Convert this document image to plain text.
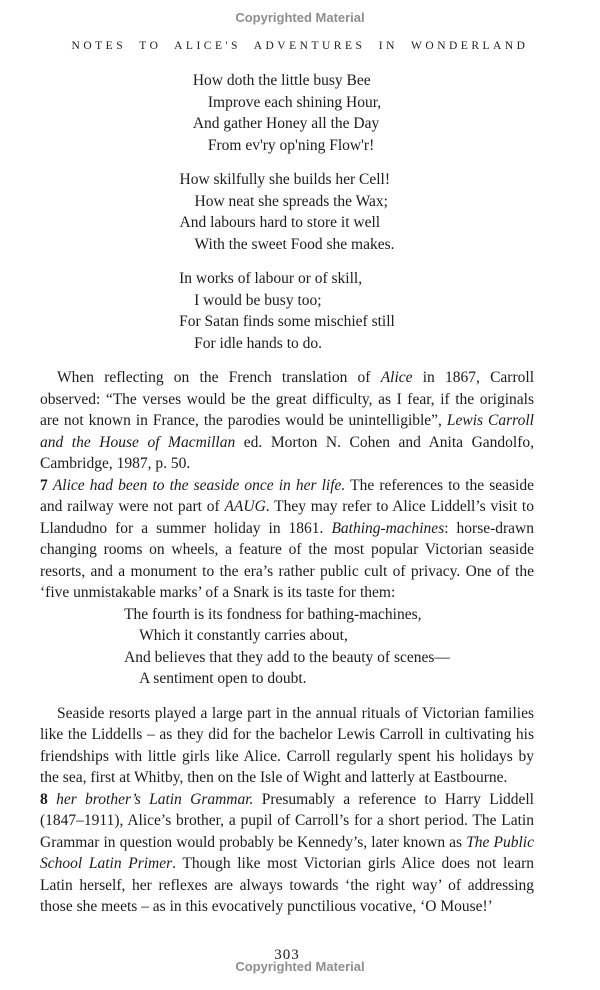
Copyrighted Material
NOTES TO ALICE'S ADVENTURES IN WONDERLAND
How doth the little busy Bee
Improve each shining Hour,
And gather Honey all the Day
From ev'ry op'ning Flow'r!
How skilfully she builds her Cell!
How neat she spreads the Wax;
And labours hard to store it well
With the sweet Food she makes.
In works of labour or of skill,
I would be busy too;
For Satan finds some mischief still
For idle hands to do.

When reflecting on the French translation of Alice in 1867, Carroll observed: “The verses would be the great difficulty, as I fear, if the originals are not known in France, the parodies would be unintelligible”, Lewis Carroll and the House of Macmillan ed. Morton N. Cohen and Anita Gandolfo, Cambridge, 1987, p. 50.

7 Alice had been to the seaside once in her life. The references to the seaside and railway were not part of AAUG. They may refer to Alice Liddell’s visit to Llandudno for a summer holiday in 1861. Bathing-machines: horse-drawn changing rooms on wheels, a feature of the most popular Victorian seaside resorts, and a monument to the era’s rather public cult of privacy. One of the ‘five unmistakable marks’ of a Snark is its taste for them:

The fourth is its fondness for bathing-machines,
Which it constantly carries about,
And believes that they add to the beauty of scenes—
A sentiment open to doubt.

Seaside resorts played a large part in the annual rituals of Victorian families like the Liddells – as they did for the bachelor Lewis Carroll in cultivating his friendships with little girls like Alice. Carroll regularly spent his holidays by the sea, first at Whitby, then on the Isle of Wight and latterly at Eastbourne.

8 her brother’s Latin Grammar. Presumably a reference to Harry Liddell (1847–1911), Alice’s brother, a pupil of Carroll’s for a short period. The Latin Grammar in question would probably be Kennedy’s, later known as The Public School Latin Primer. Though like most Victorian girls Alice does not learn Latin herself, her reflexes are always towards ‘the right way’ of addressing those she meets – as in this evocatively punctilious vocative, ‘O Mouse!’

303
Copyrighted Material
